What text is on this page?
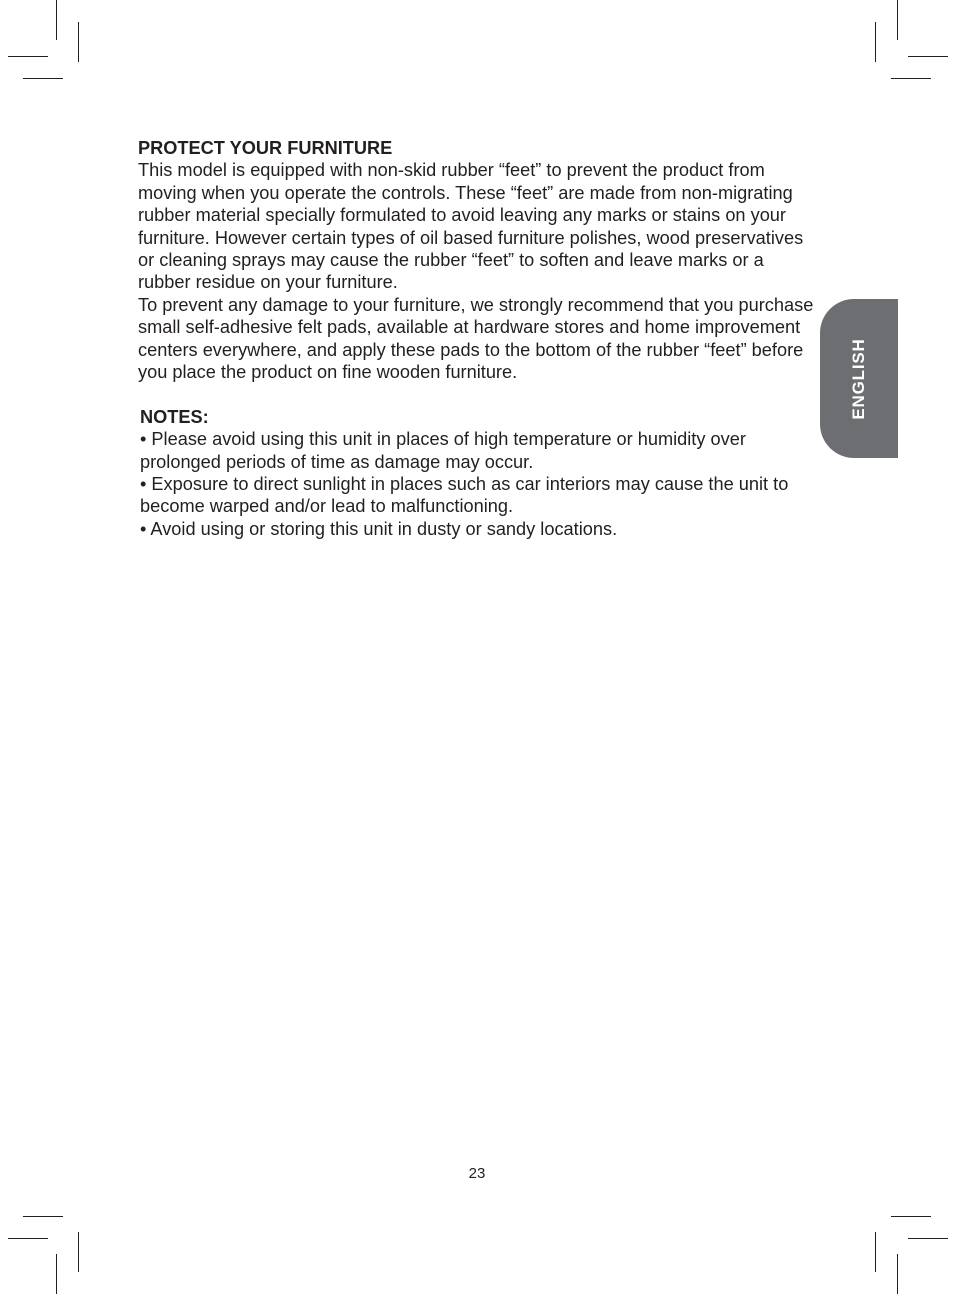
PROTECT YOUR FURNITURE

This model is equipped with non-skid rubber “feet” to prevent the product from moving when you operate the controls. These “feet” are made from non-migrating rubber material specially formulated to avoid leaving any marks or stains on your furniture. However certain types of oil based furniture polishes, wood preservatives or cleaning sprays may cause the rubber “feet” to soften and leave marks or a rubber residue on your furniture.

To prevent any damage to your furniture, we strongly recommend that you purchase small self-adhesive felt pads, available at hardware stores and home improvement centers everywhere, and apply these pads to the bottom of the rubber “feet” before you place the product on fine wooden furniture.

NOTES:

• Please avoid using this unit in places of high temperature or humidity over prolonged periods of time as damage may occur.

• Exposure to direct sunlight in places such as car interiors may cause the unit to become warped and/or lead to malfunctioning.

• Avoid using or storing this unit in dusty or sandy locations.

ENGLISH
23
